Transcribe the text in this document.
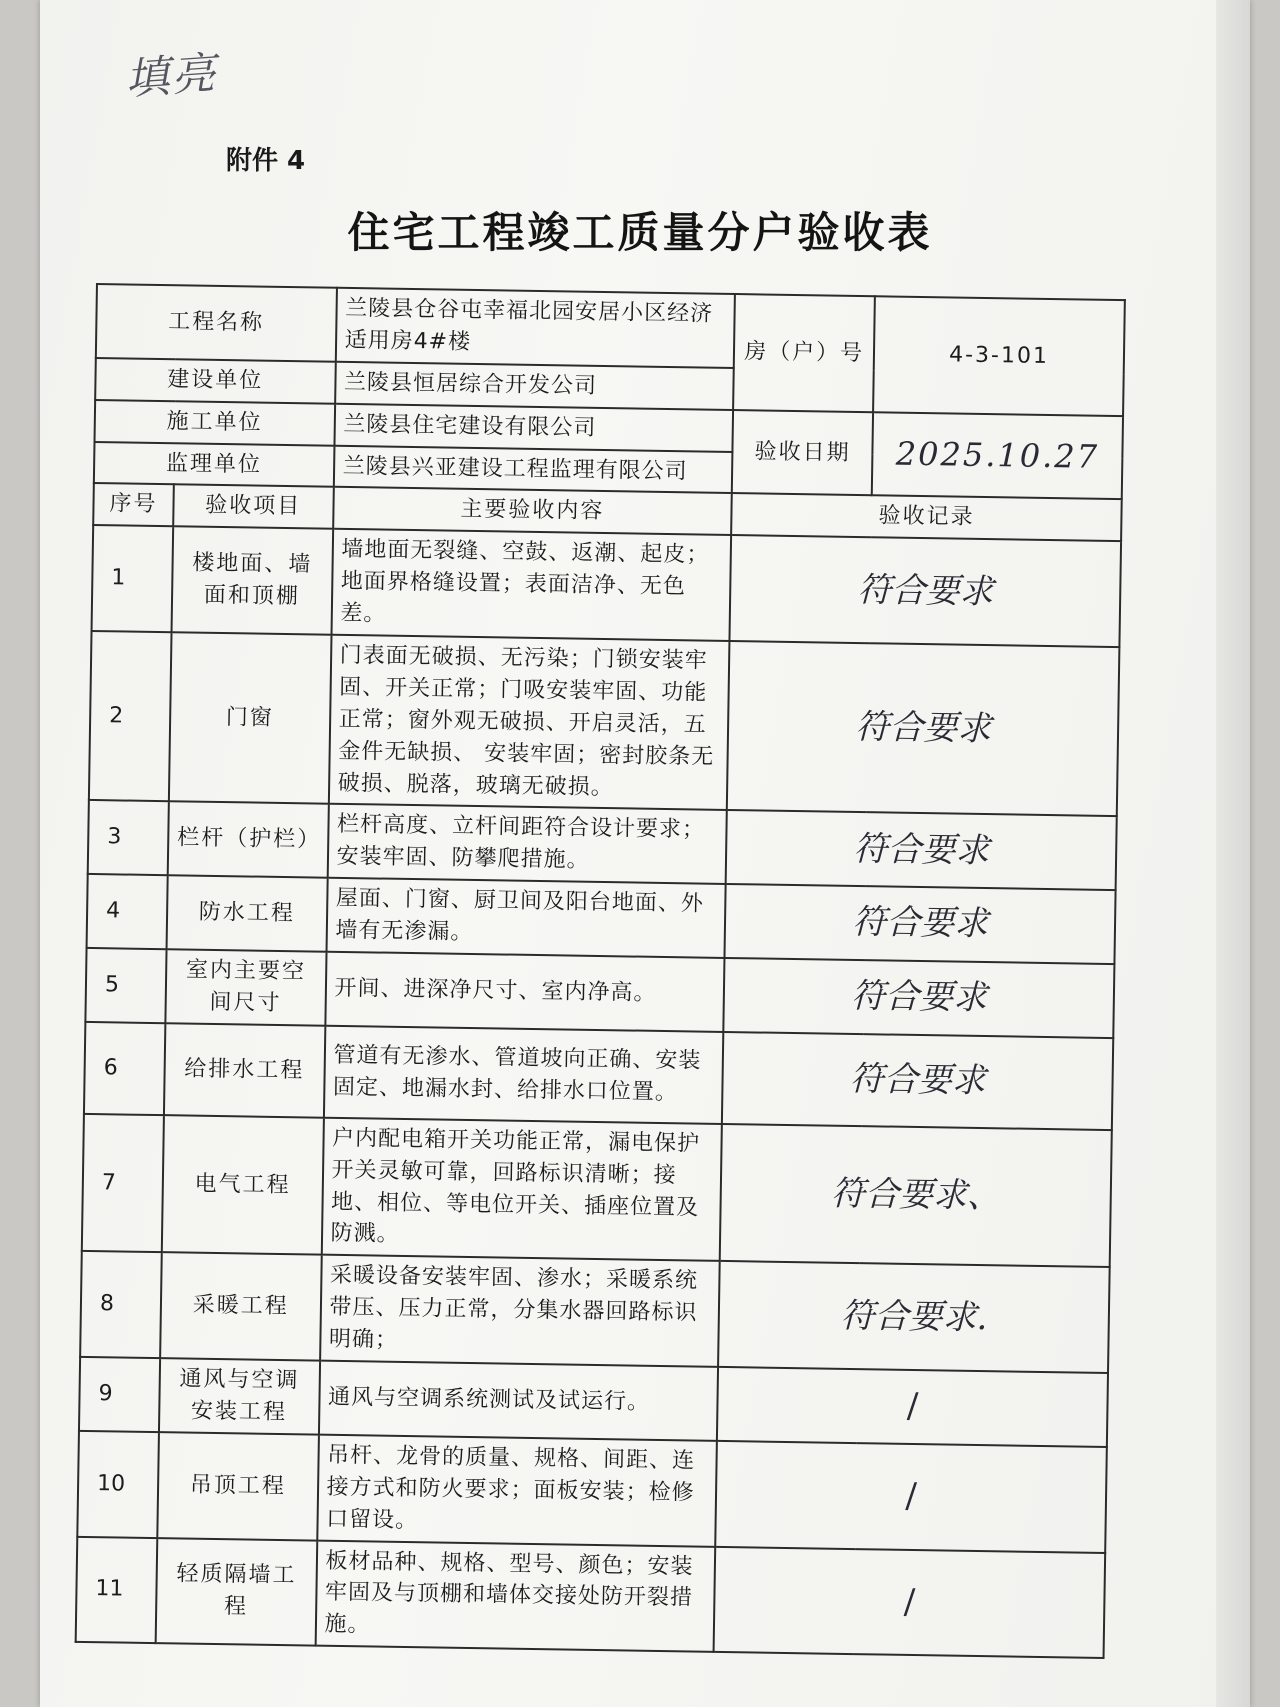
填亮
附件 4
住宅工程竣工质量分户验收表
工程名称		兰陵县仓谷屯幸福北园安居小区经济适用房4#楼	房（户）号	4-3-101
建设单位		兰陵县恒居综合开发公司		
施工单位		兰陵县住宅建设有限公司	验收日期	2025.10.27
监理单位		兰陵县兴亚建设工程监理有限公司		
序号	验收项目	主要验收内容	验收记录	
1	楼地面、墙面和顶棚	墙地面无裂缝、空鼓、返潮、起皮；地面界格缝设置；表面洁净、无色差。	符合要求	
2	门窗	门表面无破损、无污染；门锁安装牢固、开关正常；门吸安装牢固、功能正常；窗外观无破损、开启灵活，五金件无缺损、 安装牢固；密封胶条无破损、脱落，玻璃无破损。	符合要求	
3	栏杆（护栏）	栏杆高度、立杆间距符合设计要求；安装牢固、防攀爬措施。	符合要求	
4	防水工程	屋面、门窗、厨卫间及阳台地面、外墙有无渗漏。	符合要求	
5	室内主要空间尺寸	开间、进深净尺寸、室内净高。	符合要求	
6	给排水工程	管道有无渗水、管道坡向正确、安装固定、地漏水封、给排水口位置。	符合要求	
7	电气工程	户内配电箱开关功能正常，漏电保护开关灵敏可靠，回路标识清晰；接地、相位、等电位开关、插座位置及防溅。	符合要求、	
8	采暖工程	采暖设备安装牢固、渗水；采暖系统带压、压力正常，分集水器回路标识明确；	符合要求.	
9	通风与空调安装工程	通风与空调系统测试及试运行。	/	
10	吊顶工程	吊杆、龙骨的质量、规格、间距、连接方式和防火要求；面板安装；检修口留设。	/	
11	轻质隔墙工程	板材品种、规格、型号、颜色；安装牢固及与顶棚和墙体交接处防开裂措施。	/	
